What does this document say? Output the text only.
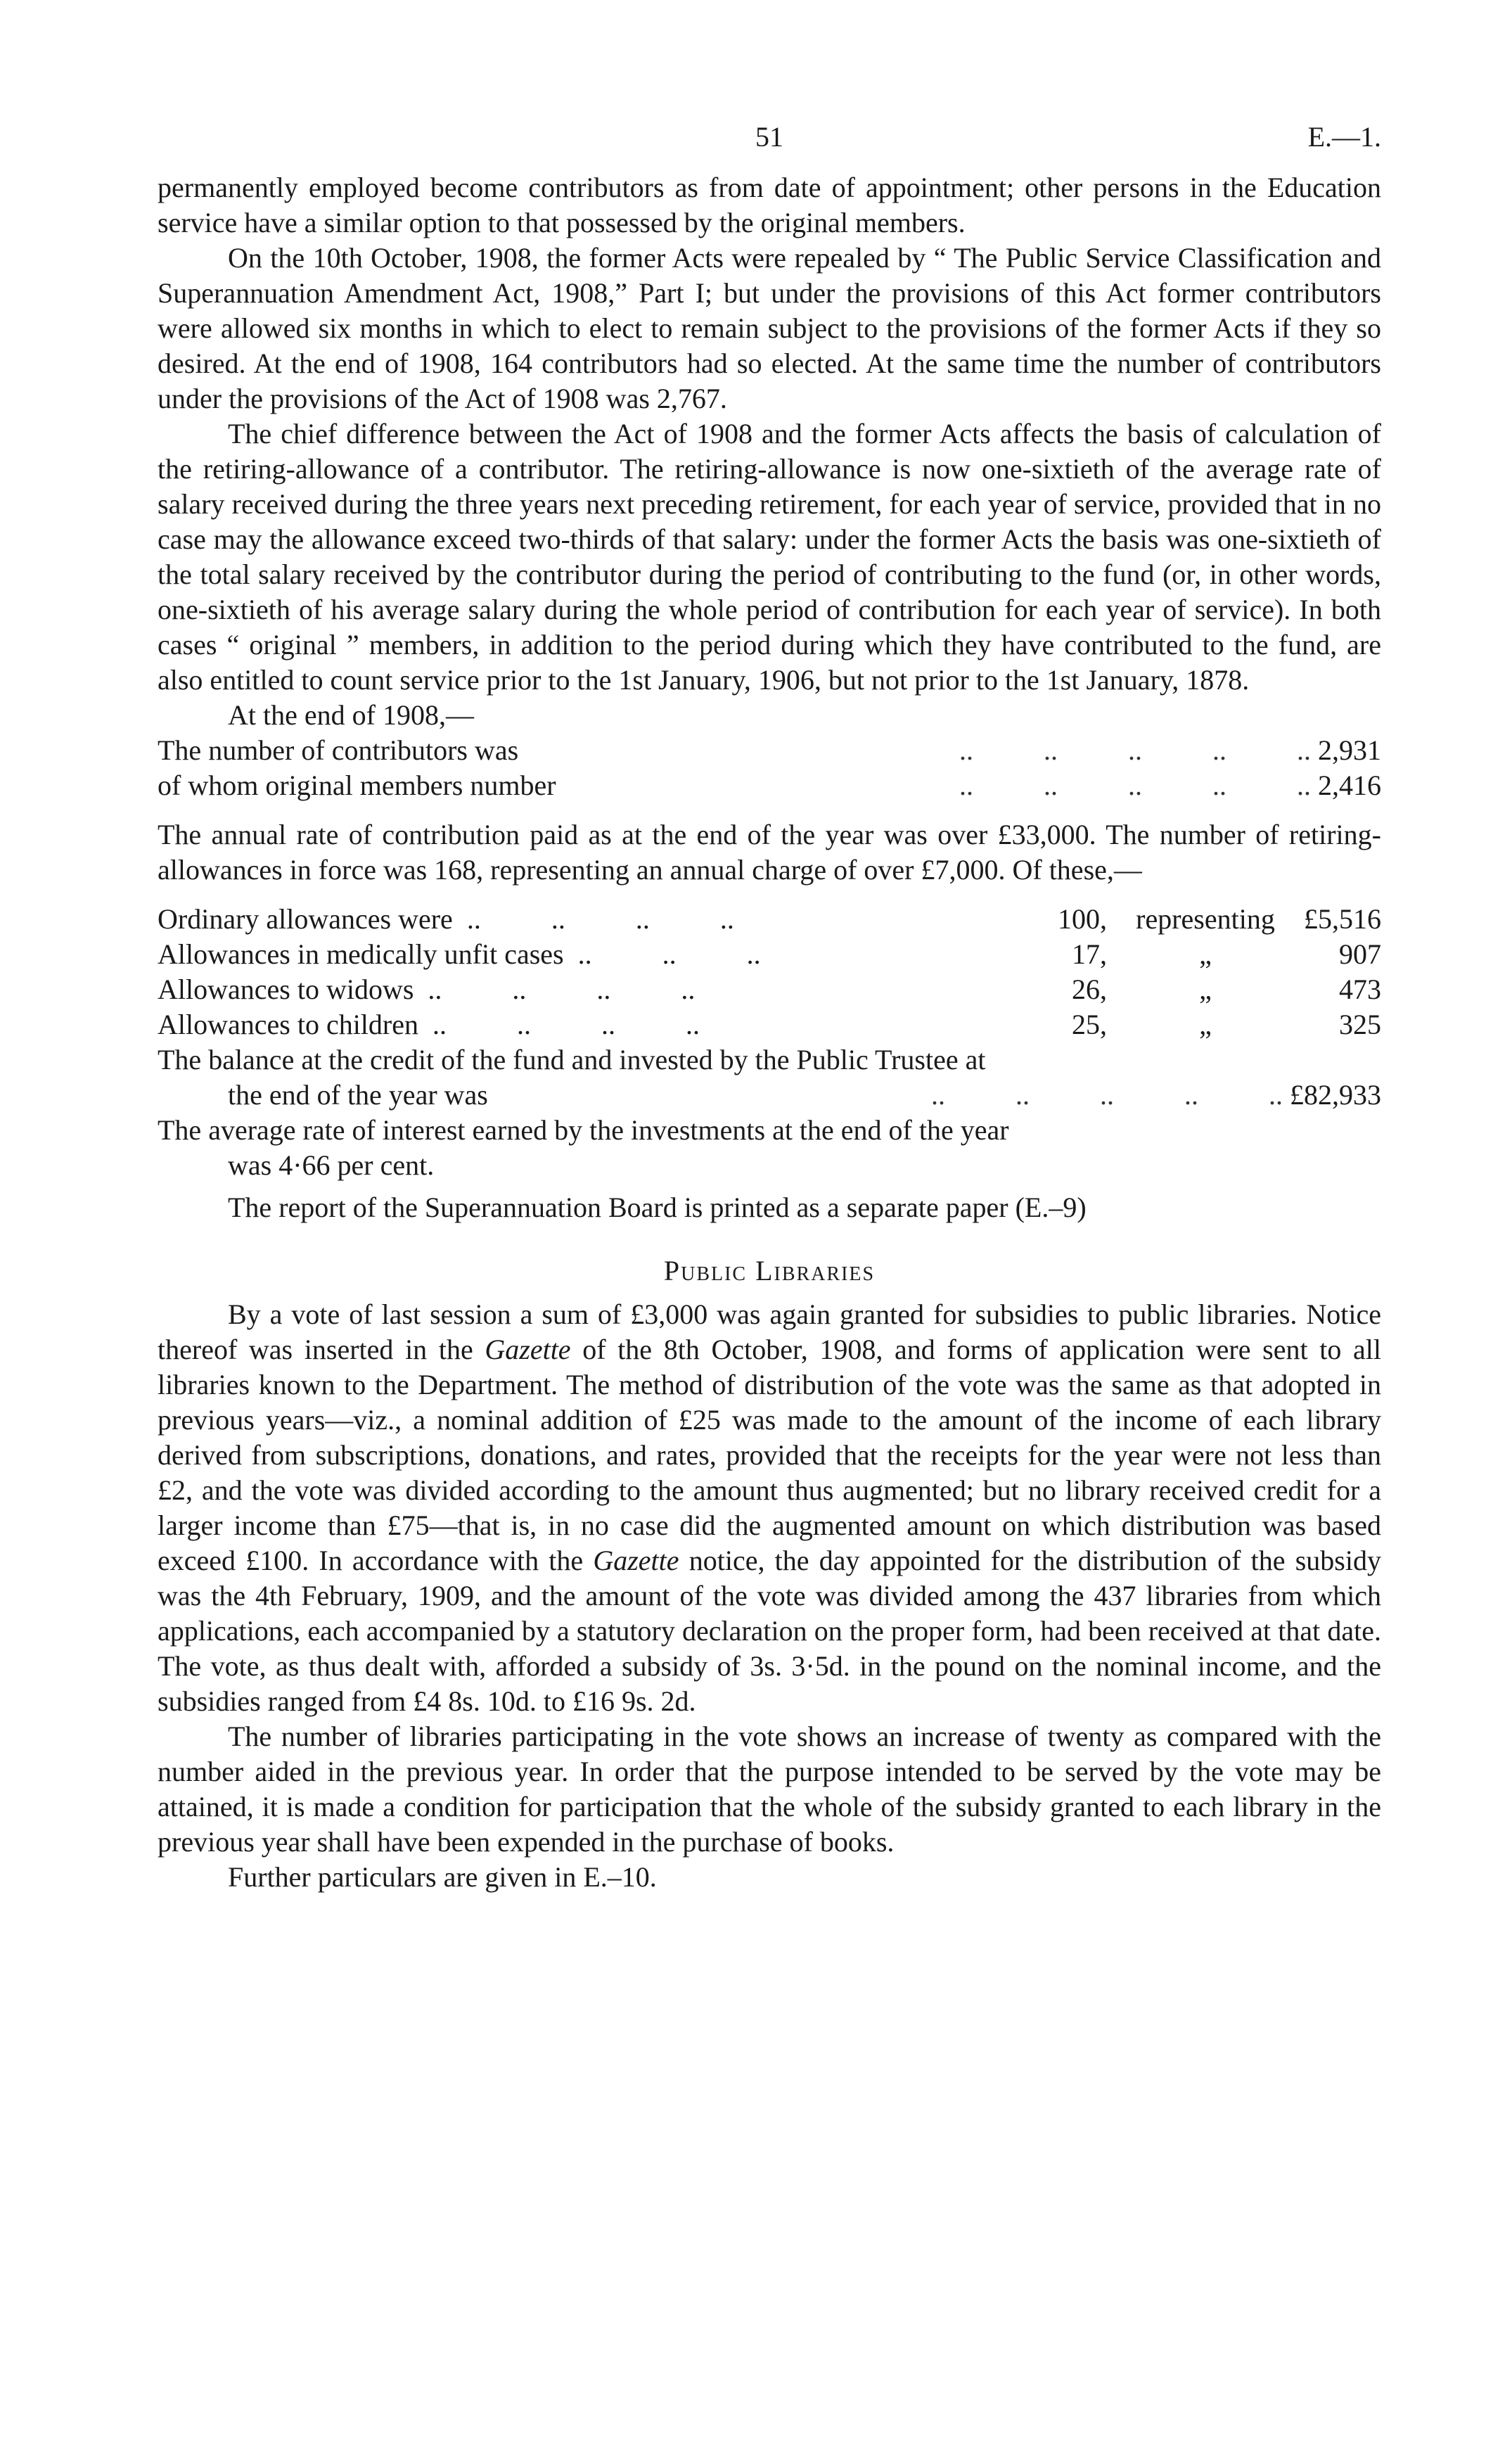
51	E.—1.

permanently employed become contributors as from date of appointment; other persons in the Education service have a similar option to that possessed by the original members.

On the 10th October, 1908, the former Acts were repealed by “ The Public Service Classification and Superannuation Amendment Act, 1908,” Part I; but under the provisions of this Act former contributors were allowed six months in which to elect to remain subject to the provisions of the former Acts if they so desired. At the end of 1908, 164 contributors had so elected. At the same time the number of contributors under the provisions of the Act of 1908 was 2,767.

The chief difference between the Act of 1908 and the former Acts affects the basis of calculation of the retiring-allowance of a contributor. The retiring-allowance is now one-sixtieth of the average rate of salary received during the three years next preceding retirement, for each year of service, provided that in no case may the allowance exceed two-thirds of that salary: under the former Acts the basis was one-sixtieth of the total salary received by the contributor during the period of contributing to the fund (or, in other words, one-sixtieth of his average salary during the whole period of contribution for each year of service). In both cases “ original ” members, in addition to the period during which they have contributed to the fund, are also entitled to count service prior to the 1st January, 1906, but not prior to the 1st January, 1878.

At the end of 1908,—

The number of contributors was	..          ..          ..          ..          .. 2,931
of whom original members number	..          ..          ..          ..          .. 2,416

The annual rate of contribution paid as at the end of the year was over £33,000. The number of retiring-allowances in force was 168, representing an annual charge of over £7,000. Of these,—

Ordinary allowances were ..          ..          ..          ..	100,	representing	£5,516
Allowances in medically unfit cases ..          ..          ..	17,	„	907
Allowances to widows ..          ..          ..          ..	26,	„	473
Allowances to children ..          ..          ..          ..	25,	„	325
The balance at the credit of the fund and invested by the Public Trustee at
the end of the year was	..          ..          ..          ..          .. £82,933
The average rate of interest earned by the investments at the end of the year
was 4·66 per cent.

The report of the Superannuation Board is printed as a separate paper (E.–9)

Public Libraries

By a vote of last session a sum of £3,000 was again granted for subsidies to public libraries. Notice thereof was inserted in the Gazette of the 8th October, 1908, and forms of application were sent to all libraries known to the Department. The method of distribution of the vote was the same as that adopted in previous years—viz., a nominal addition of £25 was made to the amount of the income of each library derived from subscriptions, donations, and rates, provided that the receipts for the year were not less than £2, and the vote was divided according to the amount thus augmented; but no library received credit for a larger income than £75—that is, in no case did the augmented amount on which distribution was based exceed £100. In accordance with the Gazette notice, the day appointed for the distribution of the subsidy was the 4th February, 1909, and the amount of the vote was divided among the 437 libraries from which applications, each accompanied by a statutory declaration on the proper form, had been received at that date. The vote, as thus dealt with, afforded a subsidy of 3s. 3·5d. in the pound on the nominal income, and the subsidies ranged from £4 8s. 10d. to £16 9s. 2d.

The number of libraries participating in the vote shows an increase of twenty as compared with the number aided in the previous year. In order that the purpose intended to be served by the vote may be attained, it is made a condition for participation that the whole of the subsidy granted to each library in the previous year shall have been expended in the purchase of books.

Further particulars are given in E.–10.
